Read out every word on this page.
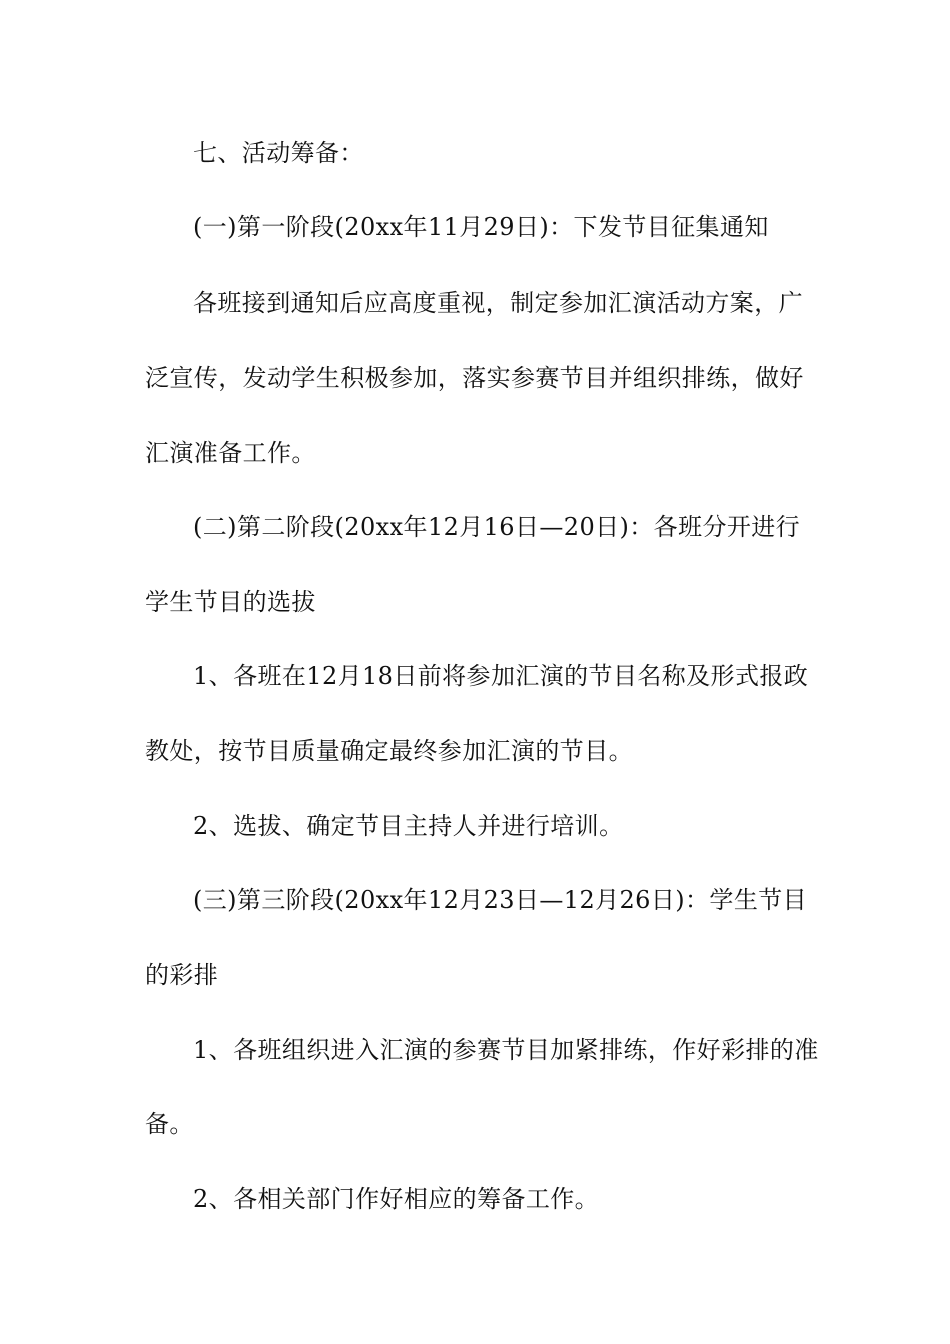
七、活动筹备：
(一)第一阶段(20xx年11月29日)：下发节目征集通知
各班接到通知后应高度重视，制定参加汇演活动方案，广
泛宣传，发动学生积极参加，落实参赛节目并组织排练，做好
汇演准备工作。
(二)第二阶段(20xx年12月16日—20日)：各班分开进行
学生节目的选拔
1、各班在12月18日前将参加汇演的节目名称及形式报政
教处，按节目质量确定最终参加汇演的节目。
2、选拔、确定节目主持人并进行培训。
(三)第三阶段(20xx年12月23日—12月26日)：学生节目
的彩排
1、各班组织进入汇演的参赛节目加紧排练，作好彩排的准
备。
2、各相关部门作好相应的筹备工作。
